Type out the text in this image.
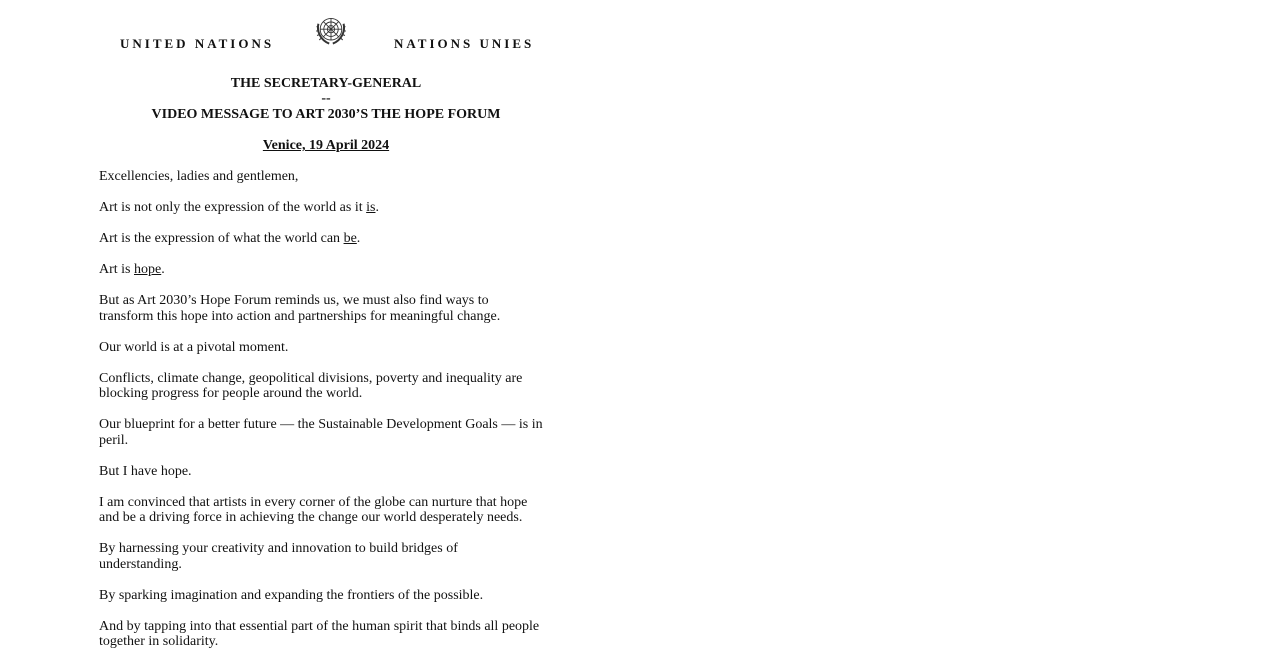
UNITED NATIONS	NATIONS UNIES
THE SECRETARY-GENERAL
--
VIDEO MESSAGE TO ART 2030’S THE HOPE FORUM
Venice, 19 April 2024

Excellencies, ladies and gentlemen,

Art is not only the expression of the world as it is.

Art is the expression of what the world can be.

Art is hope.

But as Art 2030’s Hope Forum reminds us, we must also find ways to transform this hope into action and partnerships for meaningful change.

Our world is at a pivotal moment.

Conflicts, climate change, geopolitical divisions, poverty and inequality are blocking progress for people around the world.

Our blueprint for a better future — the Sustainable Development Goals — is in peril.

But I have hope.

I am convinced that artists in every corner of the globe can nurture that hope and be a driving force in achieving the change our world desperately needs.

By harnessing your creativity and innovation to build bridges of understanding.

By sparking imagination and expanding the frontiers of the possible.

And by tapping into that essential part of the human spirit that binds all people together in solidarity.
